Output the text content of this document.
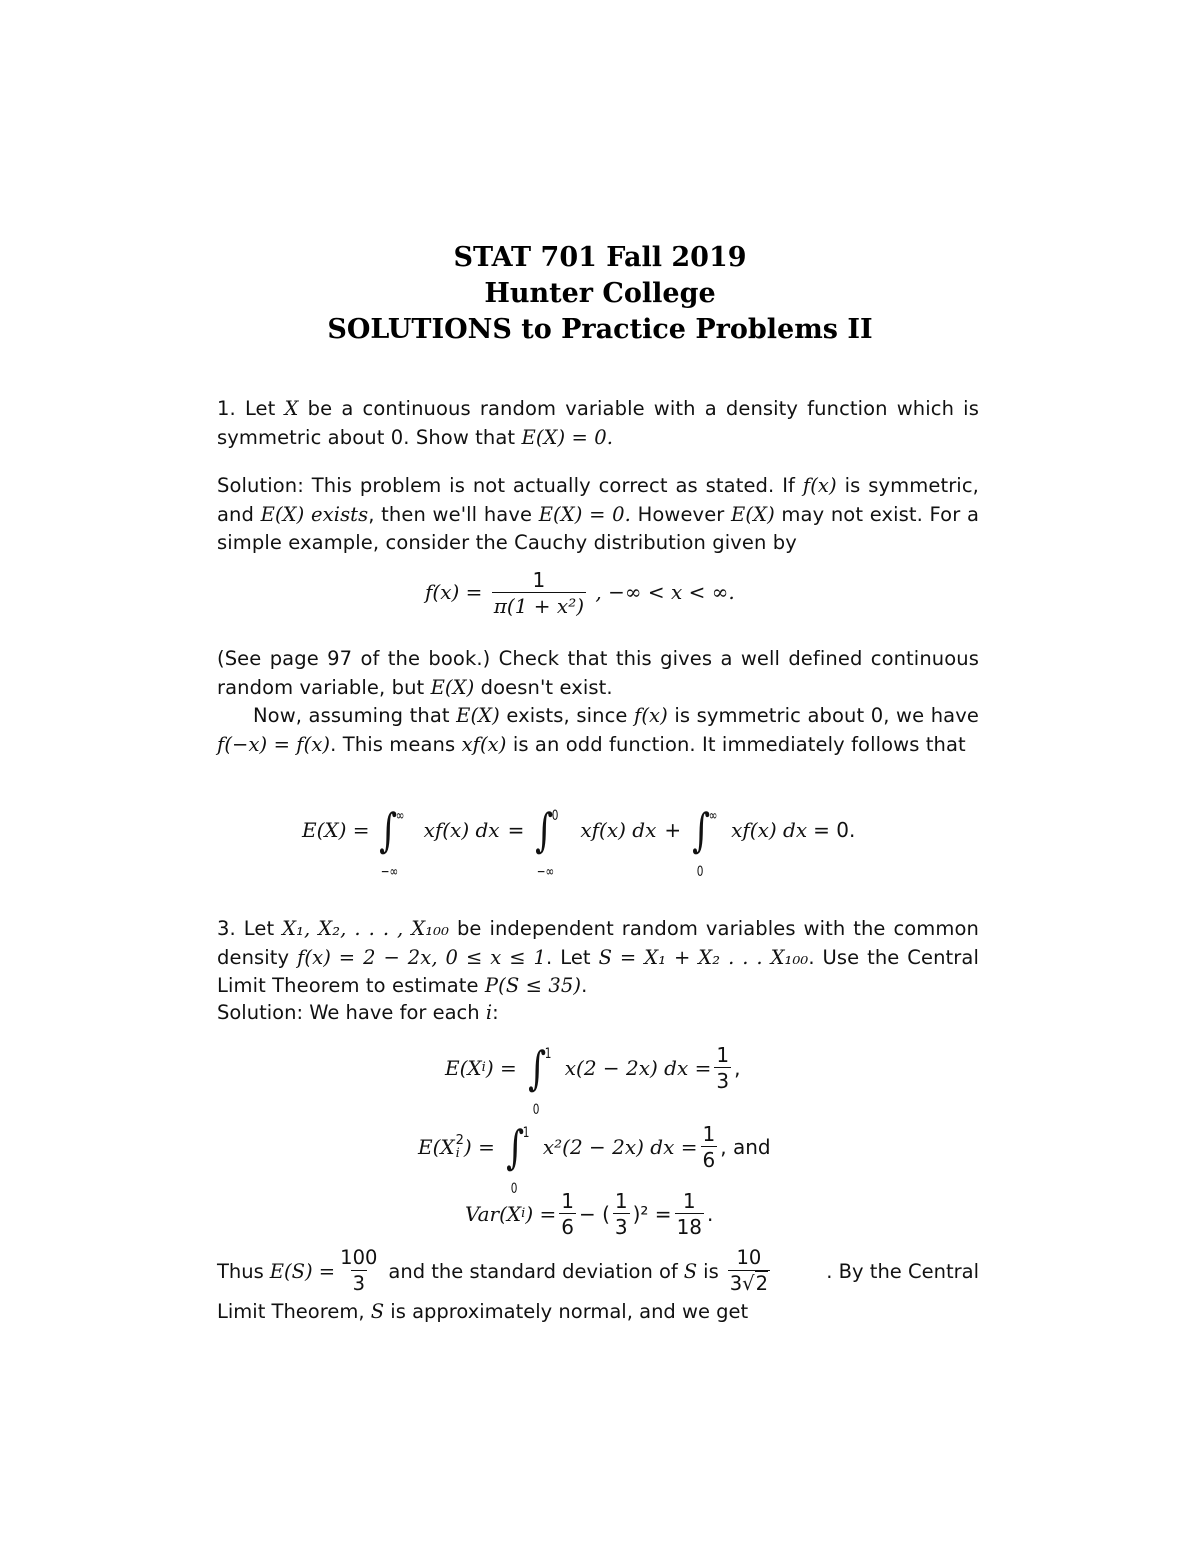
STAT 701 Fall 2019
Hunter College
SOLUTIONS to Practice Problems II
1. Let X be a continuous random variable with a density function which is symmetric about 0. Show that E(X) = 0.
Solution: This problem is not actually correct as stated. If f(x) is symmetric, and E(X) exists, then we'll have E(X) = 0. However E(X) may not exist. For a simple example, consider the Cauchy distribution given by
$f(x) = \frac{1}{\text{π(1 + x²)}}$ , −∞ < x < ∞.
(See page 97 of the book.) Check that this gives a well defined continuous random variable, but E(X) doesn't exist.
Now, assuming that E(X) exists, since f(x) is symmetric about 0, we have f(−x) = f(x). This means xf(x) is an odd function. It immediately follows that
E(X) = ∫
∞
−∞
xf(x) dx = ∫
0
−∞
xf(x) dx + ∫
∞
0
xf(x) dx = 0.
3. Let X₁, X₂, . . . , X₁₀₀ be independent random variables with the common density f(x) = 2 − 2x, 0 ≤ x ≤ 1. Let S = X₁ + X₂ . . . X₁₀₀. Use the Central Limit Theorem to estimate P(S ≤ 35).
Solution: We have for each i:
E(X i ) = ∫
1
0
x(2 − 2x) dx = $\frac{1}{3}$ ,
E(X 2
i ) = ∫
1
0
x²(2 − 2x) dx = $\frac{1}{6}$ , and
Var(X i ) = $\frac{1}{6}$ − ( $\frac{1}{3} )^2 = \frac{1}{18}$ .
Thus $E(S) = \frac{100}{3}$ and the standard deviation of S is $\frac{10}{3√2}$	. By the Central
Limit Theorem, S is approximately normal, and we get
